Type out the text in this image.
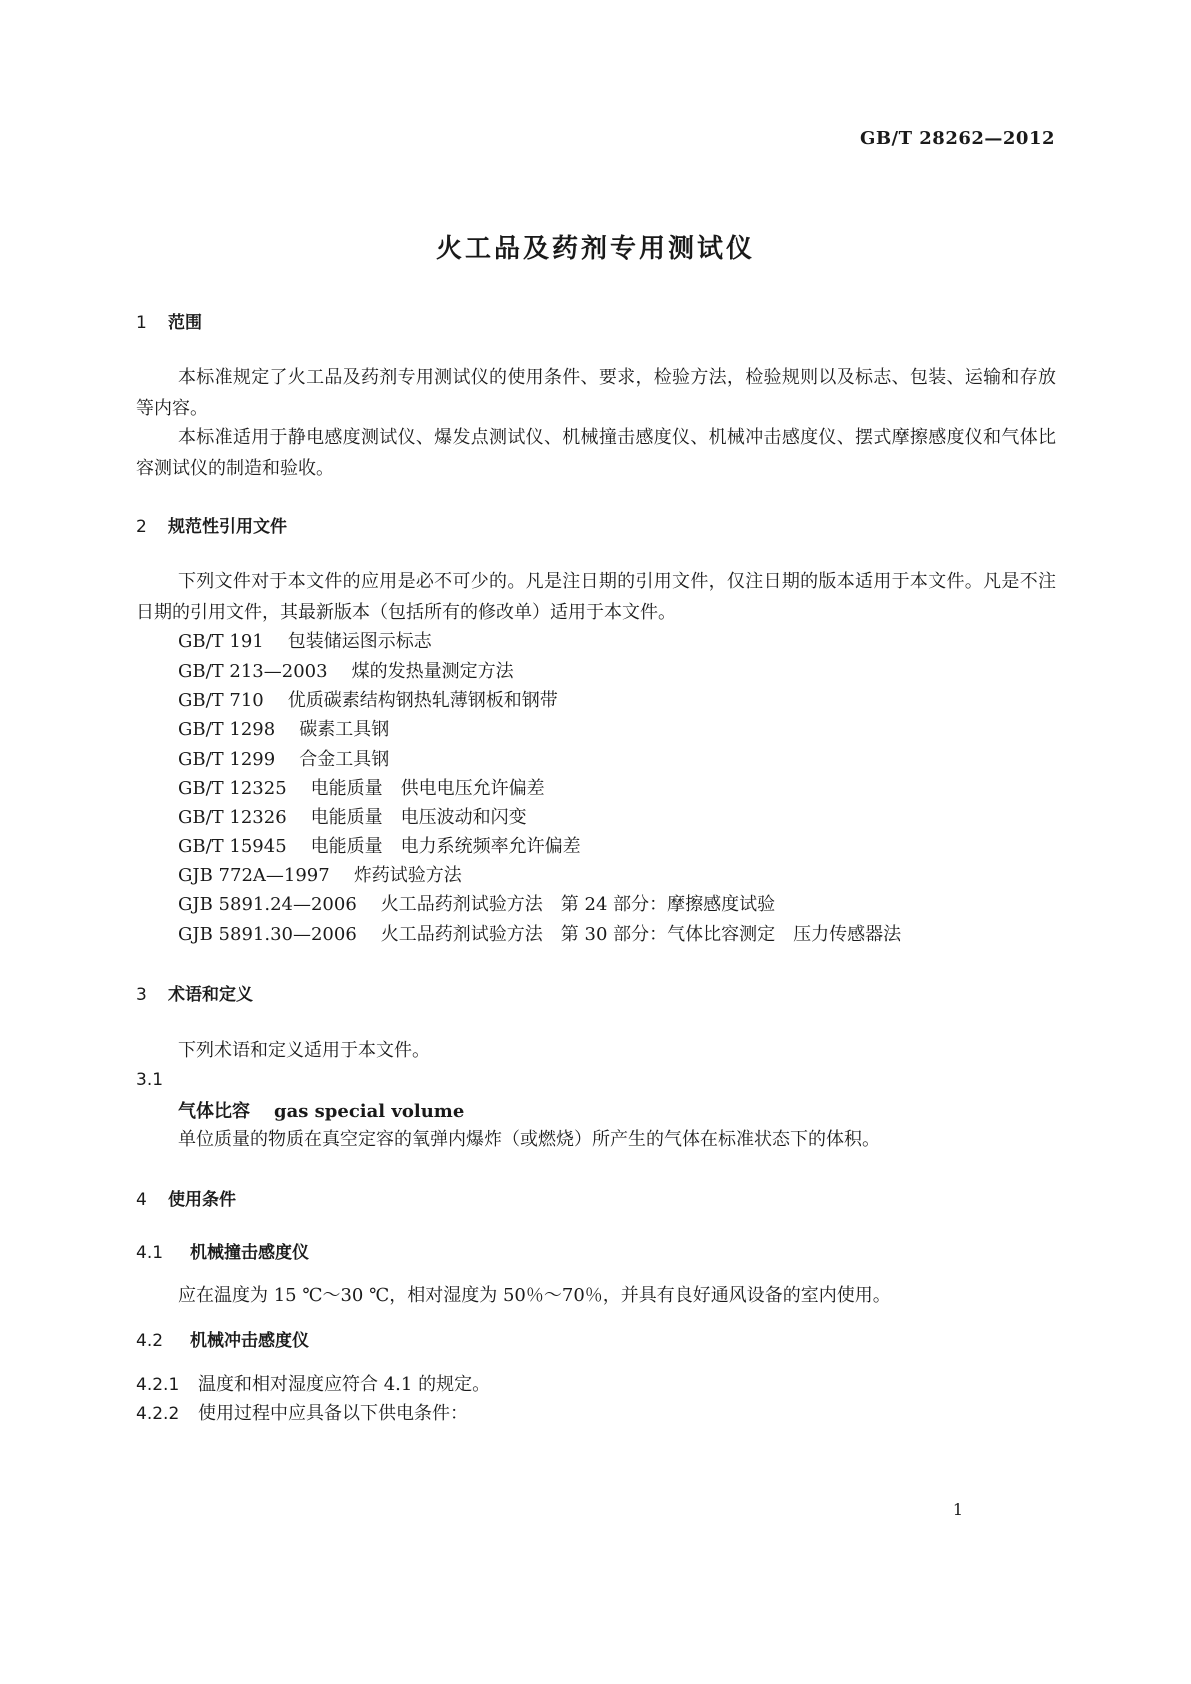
GB/T 28262—2012
火工品及药剂专用测试仪
1 范围
本标准规定了火工品及药剂专用测试仪的使用条件、要求，检验方法，检验规则以及标志、包装、运输和存放等内容。
本标准适用于静电感度测试仪、爆发点测试仪、机械撞击感度仪、机械冲击感度仪、摆式摩擦感度仪和气体比容测试仪的制造和验收。
2 规范性引用文件
下列文件对于本文件的应用是必不可少的。凡是注日期的引用文件，仅注日期的版本适用于本文件。凡是不注日期的引用文件，其最新版本（包括所有的修改单）适用于本文件。
GB/T 191 包装储运图示标志
GB/T 213—2003 煤的发热量测定方法
GB/T 710 优质碳素结构钢热轧薄钢板和钢带
GB/T 1298 碳素工具钢
GB/T 1299 合金工具钢
GB/T 12325 电能质量　供电电压允许偏差
GB/T 12326 电能质量　电压波动和闪变
GB/T 15945 电能质量　电力系统频率允许偏差
GJB 772A—1997 炸药试验方法
GJB 5891.24—2006 火工品药剂试验方法　第 24 部分：摩擦感度试验
GJB 5891.30—2006 火工品药剂试验方法　第 30 部分：气体比容测定　压力传感器法
3 术语和定义
下列术语和定义适用于本文件。
3.1
气体比容 gas special volume
单位质量的物质在真空定容的氧弹内爆炸（或燃烧）所产生的气体在标准状态下的体积。
4 使用条件
4.1 机械撞击感度仪
应在温度为 15 ℃～30 ℃，相对湿度为 50％～70％，并具有良好通风设备的室内使用。
4.2 机械冲击感度仪
4.2.1 温度和相对湿度应符合 4.1 的规定。
4.2.2 使用过程中应具备以下供电条件：
1
